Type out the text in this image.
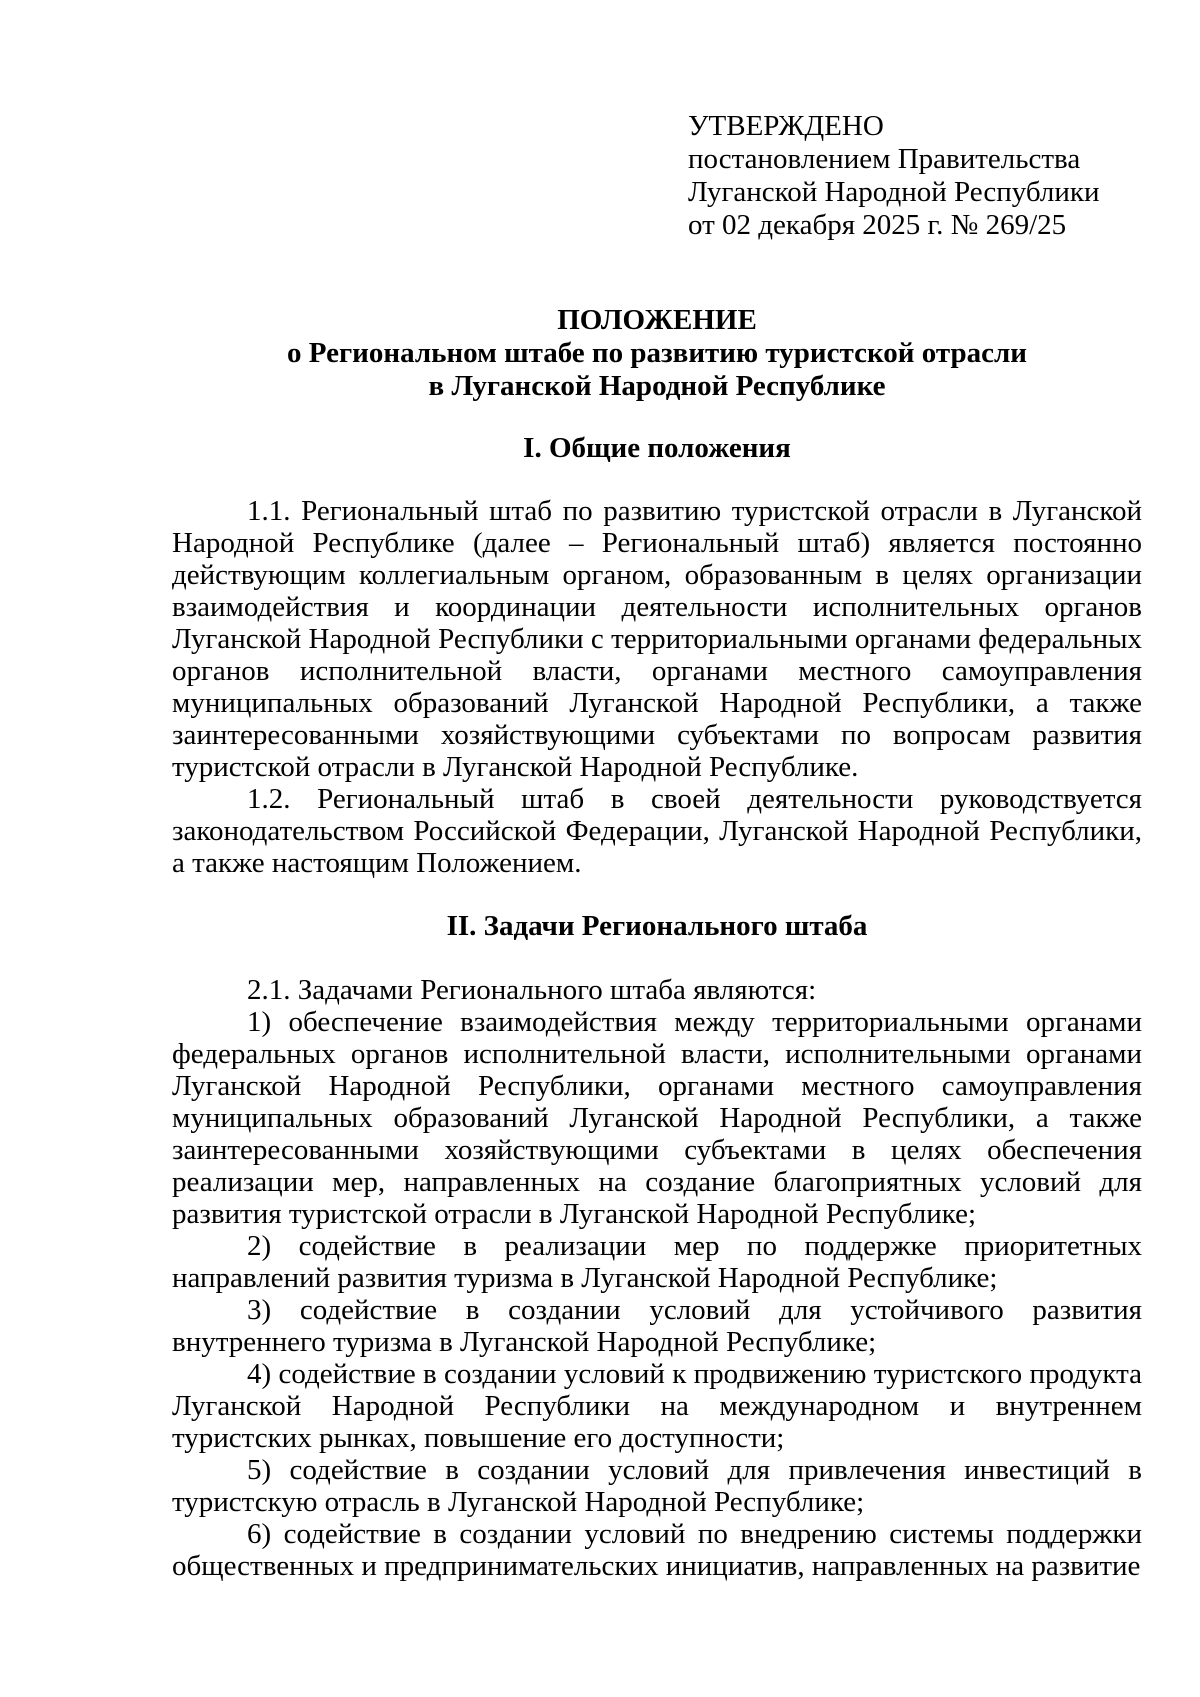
УТВЕРЖДЕНО
постановлением Правительства
Луганской Народной Республики
от 02 декабря 2025 г. № 269/25
ПОЛОЖЕНИЕ
о Региональном штабе по развитию туристской отрасли
в Луганской Народной Республике
I. Общие положения

1.1. Региональный штаб по развитию туристской отрасли в Луганской Народной Республике (далее – Региональный штаб) является постоянно действующим коллегиальным органом, образованным в целях организации взаимодействия и координации деятельности исполнительных органов Луганской Народной Республики с территориальными органами федеральных органов исполнительной власти, органами местного самоуправления муниципальных образований Луганской Народной Республики, а также заинтересованными хозяйствующими субъектами по вопросам развития туристской отрасли в Луганской Народной Республике.

1.2. Региональный штаб в своей деятельности руководствуется законодательством Российской Федерации, Луганской Народной Республики, а также настоящим Положением.

II. Задачи Регионального штаба

2.1. Задачами Регионального штаба являются:

1) обеспечение взаимодействия между территориальными органами федеральных органов исполнительной власти, исполнительными органами Луганской Народной Республики, органами местного самоуправления муниципальных образований Луганской Народной Республики, а также заинтересованными хозяйствующими субъектами в целях обеспечения реализации мер, направленных на создание благоприятных условий для развития туристской отрасли в Луганской Народной Республике;

2) содействие в реализации мер по поддержке приоритетных направлений развития туризма в Луганской Народной Республике;

3) содействие в создании условий для устойчивого развития внутреннего туризма в Луганской Народной Республике;

4) содействие в создании условий к продвижению туристского продукта Луганской Народной Республики на международном и внутреннем туристских рынках, повышение его доступности;

5) содействие в создании условий для привлечения инвестиций в туристскую отрасль в Луганской Народной Республике;

6) содействие в создании условий по внедрению системы поддержки общественных и предпринимательских инициатив, направленных на развитие
